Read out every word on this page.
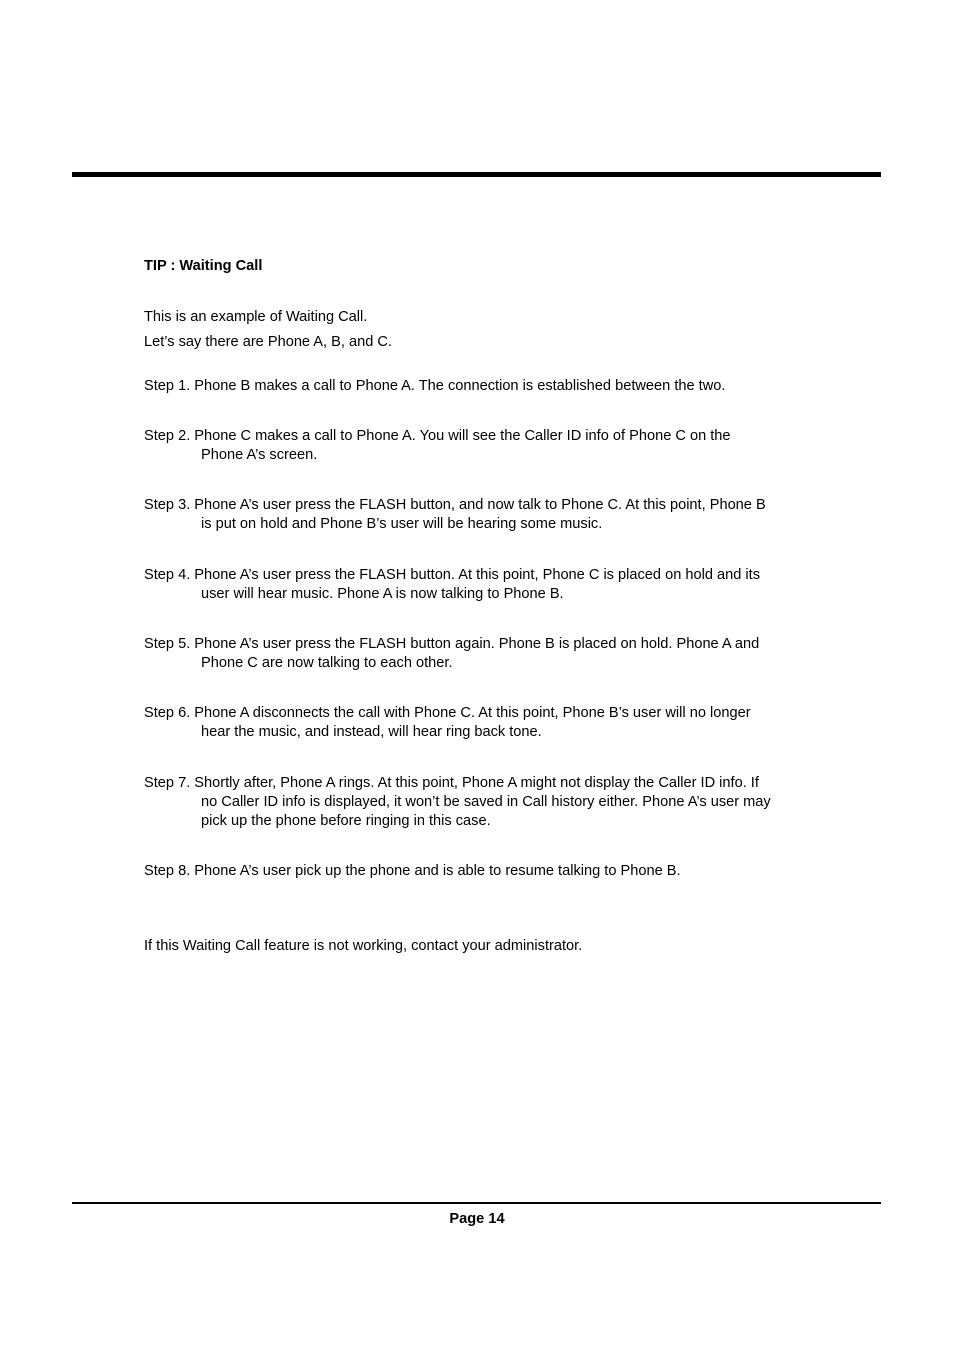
TIP : Waiting Call

This is an example of Waiting Call.

Let’s say there are Phone A, B, and C.

Step 1. Phone B makes a call to Phone A. The connection is established between the two.
Step 2. Phone C makes a call to Phone A. You will see the Caller ID info of Phone C on the
Phone A’s screen.
Step 3. Phone A’s user press the FLASH button, and now talk to Phone C. At this point, Phone B
is put on hold and Phone B’s user will be hearing some music.
Step 4. Phone A’s user press the FLASH button. At this point, Phone C is placed on hold and its
user will hear music. Phone A is now talking to Phone B.
Step 5. Phone A’s user press the FLASH button again. Phone B is placed on hold. Phone A and
Phone C are now talking to each other.
Step 6. Phone A disconnects the call with Phone C. At this point, Phone B’s user will no longer
hear the music, and instead, will hear ring back tone.
Step 7. Shortly after, Phone A rings. At this point, Phone A might not display the Caller ID info. If
no Caller ID info is displayed, it won’t be saved in Call history either. Phone A’s user may
pick up the phone before ringing in this case.
Step 8. Phone A’s user pick up the phone and is able to resume talking to Phone B.

If this Waiting Call feature is not working, contact your administrator.

Page 14
